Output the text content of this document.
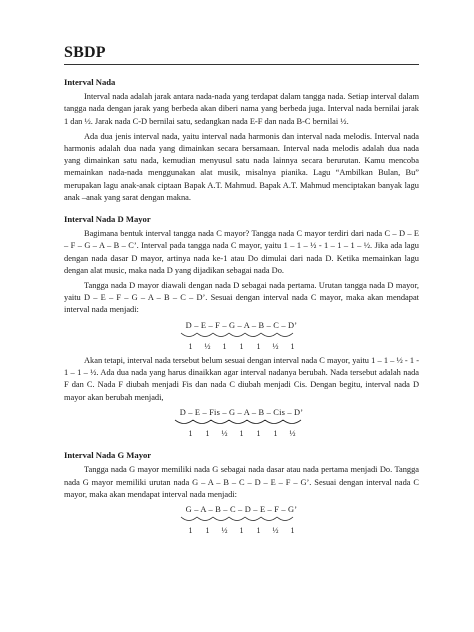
SBDP

Interval Nada

Interval nada adalah jarak antara nada-nada yang terdapat dalam tangga nada. Setiap interval dalam tangga nada dengan jarak yang berbeda akan diberi nama yang berbeda juga. Interval nada bernilai jarak 1 dan ½. Jarak nada C-D bernilai satu, sedangkan nada E-F dan nada B-C bernilai ½.

Ada dua jenis interval nada, yaitu interval nada harmonis dan interval nada melodis. Interval nada harmonis adalah dua nada yang dimainkan secara bersamaan. Interval nada melodis adalah dua nada yang dimainkan satu nada, kemudian menyusul satu nada lainnya secara berurutan. Kamu mencoba memainkan nada-nada menggunakan alat musik, misalnya pianika. Lagu “Ambilkan Bulan, Bu” merupakan lagu anak-anak ciptaan Bapak A.T. Mahmud. Bapak A.T. Mahmud menciptakan banyak lagu anak –anak yang sarat dengan makna.

Interval Nada D Mayor

Bagimana bentuk interval tangga nada C mayor? Tangga nada C mayor terdiri dari nada C – D – E – F – G – A – B – C’. Interval pada tangga nada C mayor, yaitu 1 – 1 – ½ - 1 – 1 – 1 – ½. Jika ada lagu dengan nada dasar D mayor, artinya nada ke-1 atau Do dimulai dari nada D. Ketika memainkan lagu dengan alat music, maka nada D yang dijadikan sebagai nada Do.

Tangga nada D mayor diawali dengan nada D sebagai nada pertama. Urutan tangga nada D mayor, yaitu D – E – F – G – A – B – C – D’. Sesuai dengan interval nada C mayor, maka akan mendapat interval nada menjadi:

D – E – F – G – A – B – C – D’
1	½	1	1	1	½	1

Akan tetapi, interval nada tersebut belum sesuai dengan interval nada C mayor, yaitu 1 – 1 – ½ - 1 - 1 – 1 – ½. Ada dua nada yang harus dinaikkan agar interval nadanya berubah. Nada tersebut adalah nada F dan C. Nada F diubah menjadi Fis dan nada C diubah menjadi Cis. Dengan begitu, interval nada D mayor akan berubah menjadi,

D – E – Fis – G – A – B – Cis – D’
1	1	½	1	1	1	½

Interval Nada G Mayor

Tangga nada G mayor memiliki nada G sebagai nada dasar atau nada pertama menjadi Do. Tangga nada G mayor memiliki urutan nada G – A – B – C – D – E – F – G’. Sesuai dengan interval nada C mayor, maka akan mendapat interval nada menjadi:

G – A – B – C – D – E – F – G’
1	1	½	1	1	½	1
